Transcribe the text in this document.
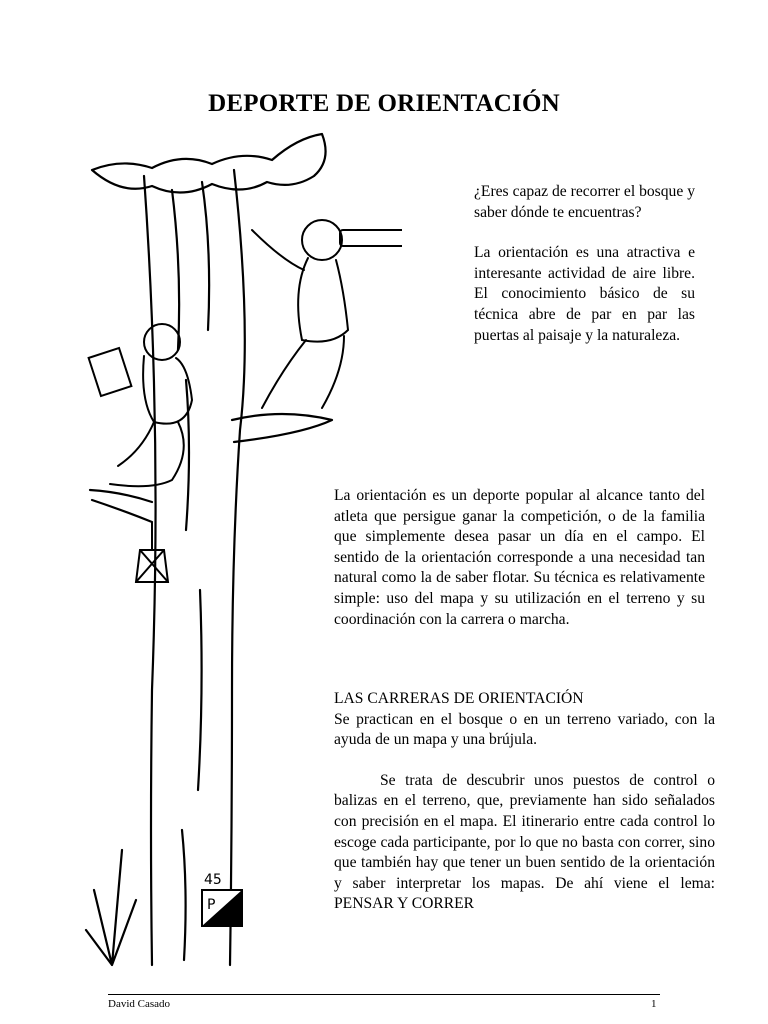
DEPORTE DE ORIENTACIÓN
45
P

¿Eres capaz de recorrer el bosque y saber dónde te encuentras?

La orientación es una atractiva e interesante actividad de aire libre. El conocimiento básico de su técnica abre de par en par las puertas al paisaje y la naturaleza.

La orientación es un deporte popular al alcance tanto del atleta que persigue ganar la competición, o de la familia que simplemente desea pasar un día en el campo. El sentido de la orientación corresponde a una necesidad tan natural como la de saber flotar. Su técnica es relativamente simple: uso del mapa y su utilización en el terreno y su coordinación con la carrera o marcha.

LAS CARRERAS DE ORIENTACIÓN

Se practican en el bosque o en un terreno variado, con la ayuda de un mapa y una brújula.

Se trata de descubrir unos puestos de control o balizas en el terreno, que, previamente han sido señalados con precisión en el mapa. El itinerario entre cada control lo escoge cada participante, por lo que no basta con correr, sino que también hay que tener un buen sentido de la orientación y saber interpretar los mapas. De ahí viene el lema: PENSAR Y CORRER

David Casado	1
